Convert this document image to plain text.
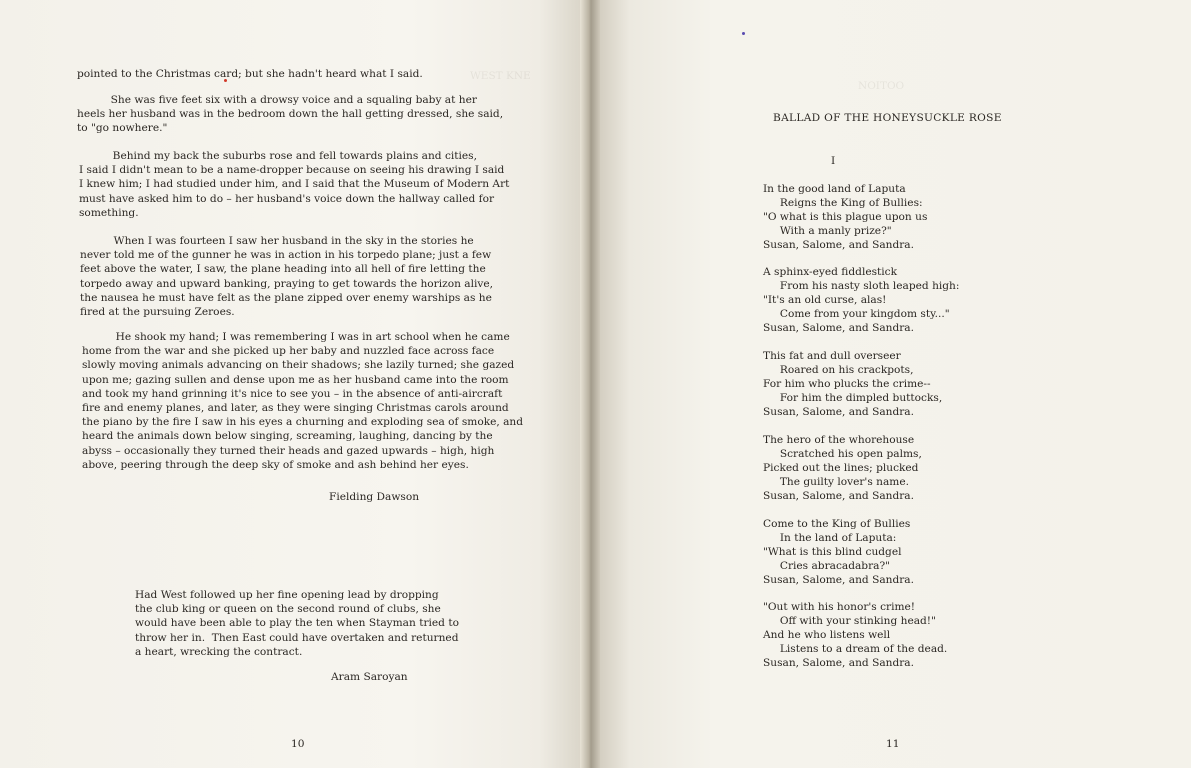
WEST KNE
NOITOO
pointed to the Christmas card; but she hadn't heard what I said.
She was five feet six with a drowsy voice and a squaling baby at her
heels her husband was in the bedroom down the hall getting dressed, she said,
to "go nowhere."
Behind my back the suburbs rose and fell towards plains and cities,
I said I didn't mean to be a name-dropper because on seeing his drawing I said
I knew him; I had studied under him, and I said that the Museum of Modern Art
must have asked him to do – her husband's voice down the hallway called for
something.
When I was fourteen I saw her husband in the sky in the stories he
never told me of the gunner he was in action in his torpedo plane; just a few
feet above the water, I saw, the plane heading into all hell of fire letting the
torpedo away and upward banking, praying to get towards the horizon alive,
the nausea he must have felt as the plane zipped over enemy warships as he
fired at the pursuing Zeroes.
He shook my hand; I was remembering I was in art school when he came
home from the war and she picked up her baby and nuzzled face across face
slowly moving animals advancing on their shadows; she lazily turned; she gazed
upon me; gazing sullen and dense upon me as her husband came into the room
and took my hand grinning it's nice to see you – in the absence of anti-aircraft
fire and enemy planes, and later, as they were singing Christmas carols around
the piano by the fire I saw in his eyes a churning and exploding sea of smoke, and
heard the animals down below singing, screaming, laughing, dancing by the
abyss – occasionally they turned their heads and gazed upwards – high, high
above, peering through the deep sky of smoke and ash behind her eyes.
Fielding Dawson
Had West followed up her fine opening lead by dropping
the club king or queen on the second round of clubs, she
would have been able to play the ten when Stayman tried to
throw her in.  Then East could have overtaken and returned
a heart, wrecking the contract.
Aram Saroyan
10
BALLAD OF THE HONEYSUCKLE ROSE
I
In the good land of Laputa
Reigns the King of Bullies:
"O what is this plague upon us
With a manly prize?"
Susan, Salome, and Sandra.
A sphinx-eyed fiddlestick
From his nasty sloth leaped high:
"It's an old curse, alas!
Come from your kingdom sty..."
Susan, Salome, and Sandra.
This fat and dull overseer
Roared on his crackpots,
For him who plucks the crime--
For him the dimpled buttocks,
Susan, Salome, and Sandra.
The hero of the whorehouse
Scratched his open palms,
Picked out the lines; plucked
The guilty lover's name.
Susan, Salome, and Sandra.
Come to the King of Bullies
In the land of Laputa:
"What is this blind cudgel
Cries abracadabra?"
Susan, Salome, and Sandra.
"Out with his honor's crime!
Off with your stinking head!"
And he who listens well
Listens to a dream of the dead.
Susan, Salome, and Sandra.
11
